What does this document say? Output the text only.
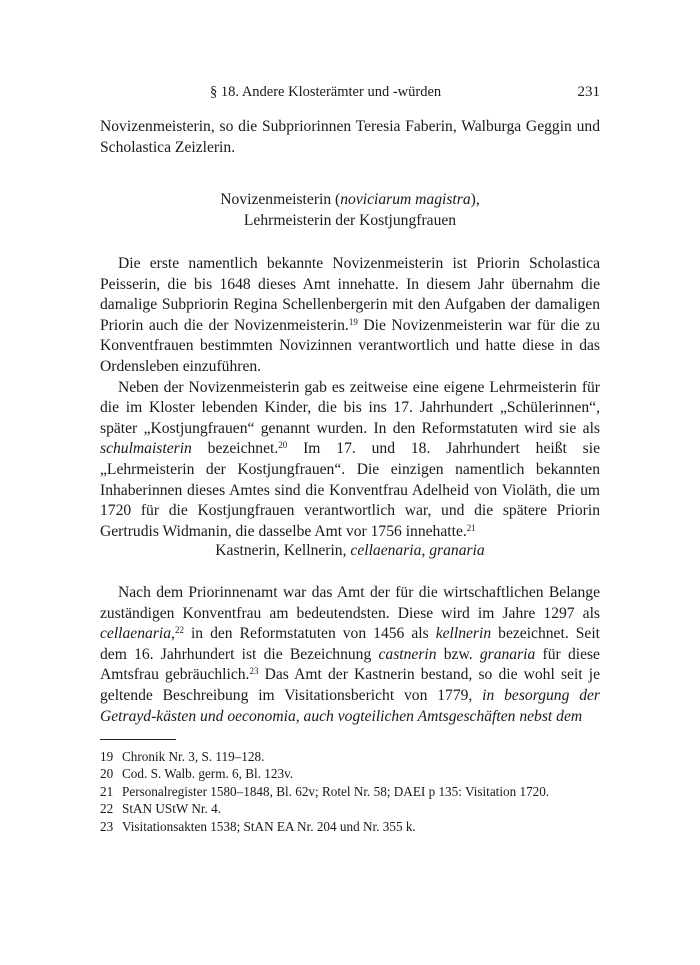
§ 18. Andere Klosterämter und -würden	231

Novizenmeisterin, so die Subpriorinnen Teresia Faberin, Walburga Geggin und Scholastica Zeizlerin.

Novizenmeisterin (noviciarum magistra),
Lehrmeisterin der Kostjungfrauen

Die erste namentlich bekannte Novizenmeisterin ist Priorin Scholastica Peisserin, die bis 1648 dieses Amt innehatte. In diesem Jahr übernahm die damalige Subpriorin Regina Schellenbergerin mit den Aufgaben der damaligen Priorin auch die der Novizenmeisterin.$^{19}$ Die Novizenmeisterin war für die zu Konventfrauen bestimmten Novizinnen verantwortlich und hatte diese in das Ordensleben einzuführen.

Neben der Novizenmeisterin gab es zeitweise eine eigene Lehrmeisterin für die im Kloster lebenden Kinder, die bis ins 17. Jahrhundert „Schülerinnen“, später „Kostjungfrauen“ genannt wurden. In den Reformstatuten wird sie als schulmaisterin bezeichnet.$^{20}$ Im 17. und 18. Jahrhundert heißt sie „Lehrmeisterin der Kostjungfrauen“. Die einzigen namentlich bekannten Inhaberinnen dieses Amtes sind die Konventfrau Adelheid von Violäth, die um 1720 für die Kostjungfrauen verantwortlich war, und die spätere Priorin Gertrudis Widmanin, die dasselbe Amt vor 1756 innehatte.$^{21}$

Kastnerin, Kellnerin, cellaenaria, granaria

Nach dem Priorinnenamt war das Amt der für die wirtschaftlichen Belange zuständigen Konventfrau am bedeutendsten. Diese wird im Jahre 1297 als cellaenaria,$^{22}$ in den Reformstatuten von 1456 als kellnerin bezeichnet. Seit dem 16. Jahrhundert ist die Bezeichnung castnerin bzw. granaria für diese Amtsfrau gebräuchlich.$^{23}$ Das Amt der Kastnerin bestand, so die wohl seit je geltende Beschreibung im Visitationsbericht von 1779, in besorgung der Getrayd-kästen und oeconomia, auch vogteilichen Amtsgeschäften nebst dem

19 Chronik Nr. 3, S. 119–128.
20 Cod. S. Walb. germ. 6, Bl. 123v.
21 Personalregister 1580–1848, Bl. 62v; Rotel Nr. 58; DAEI p 135: Visitation 1720.
22 StAN UStW Nr. 4.
23 Visitationsakten 1538; StAN EA Nr. 204 und Nr. 355 k.
